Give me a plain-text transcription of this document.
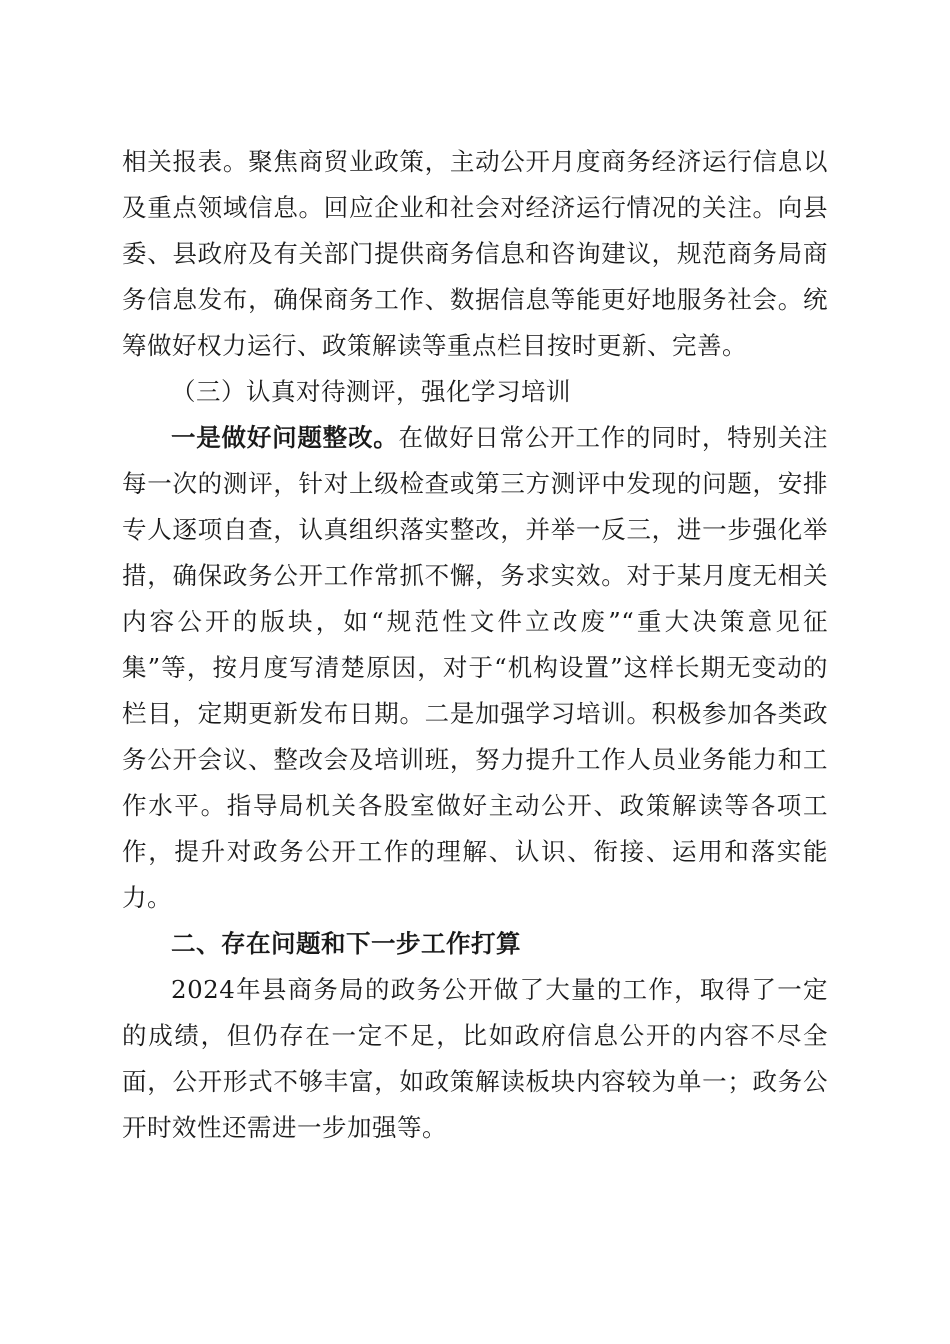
相关报表。聚焦商贸业政策，主动公开月度商务经济运行信息以及重点领域信息。回应企业和社会对经济运行情况的关注。向县委、县政府及有关部门提供商务信息和咨询建议，规范商务局商务信息发布，确保商务工作、数据信息等能更好地服务社会。统筹做好权力运行、政策解读等重点栏目按时更新、完善。

（三）认真对待测评，强化学习培训

一是做好问题整改。在做好日常公开工作的同时，特别关注每一次的测评，针对上级检查或第三方测评中发现的问题，安排专人逐项自查，认真组织落实整改，并举一反三，进一步强化举措，确保政务公开工作常抓不懈，务求实效。对于某月度无相关内容公开的版块，如“规范性文件立改废”“重大决策意见征集”等，按月度写清楚原因，对于“机构设置”这样长期无变动的栏目，定期更新发布日期。二是加强学习培训。积极参加各类政务公开会议、整改会及培训班，努力提升工作人员业务能力和工作水平。指导局机关各股室做好主动公开、政策解读等各项工作，提升对政务公开工作的理解、认识、衔接、运用和落实能力。

二、存在问题和下一步工作打算

2024年县商务局的政务公开做了大量的工作，取得了一定的成绩，但仍存在一定不足，比如政府信息公开的内容不尽全面，公开形式不够丰富，如政策解读板块内容较为单一；政务公开时效性还需进一步加强等。
